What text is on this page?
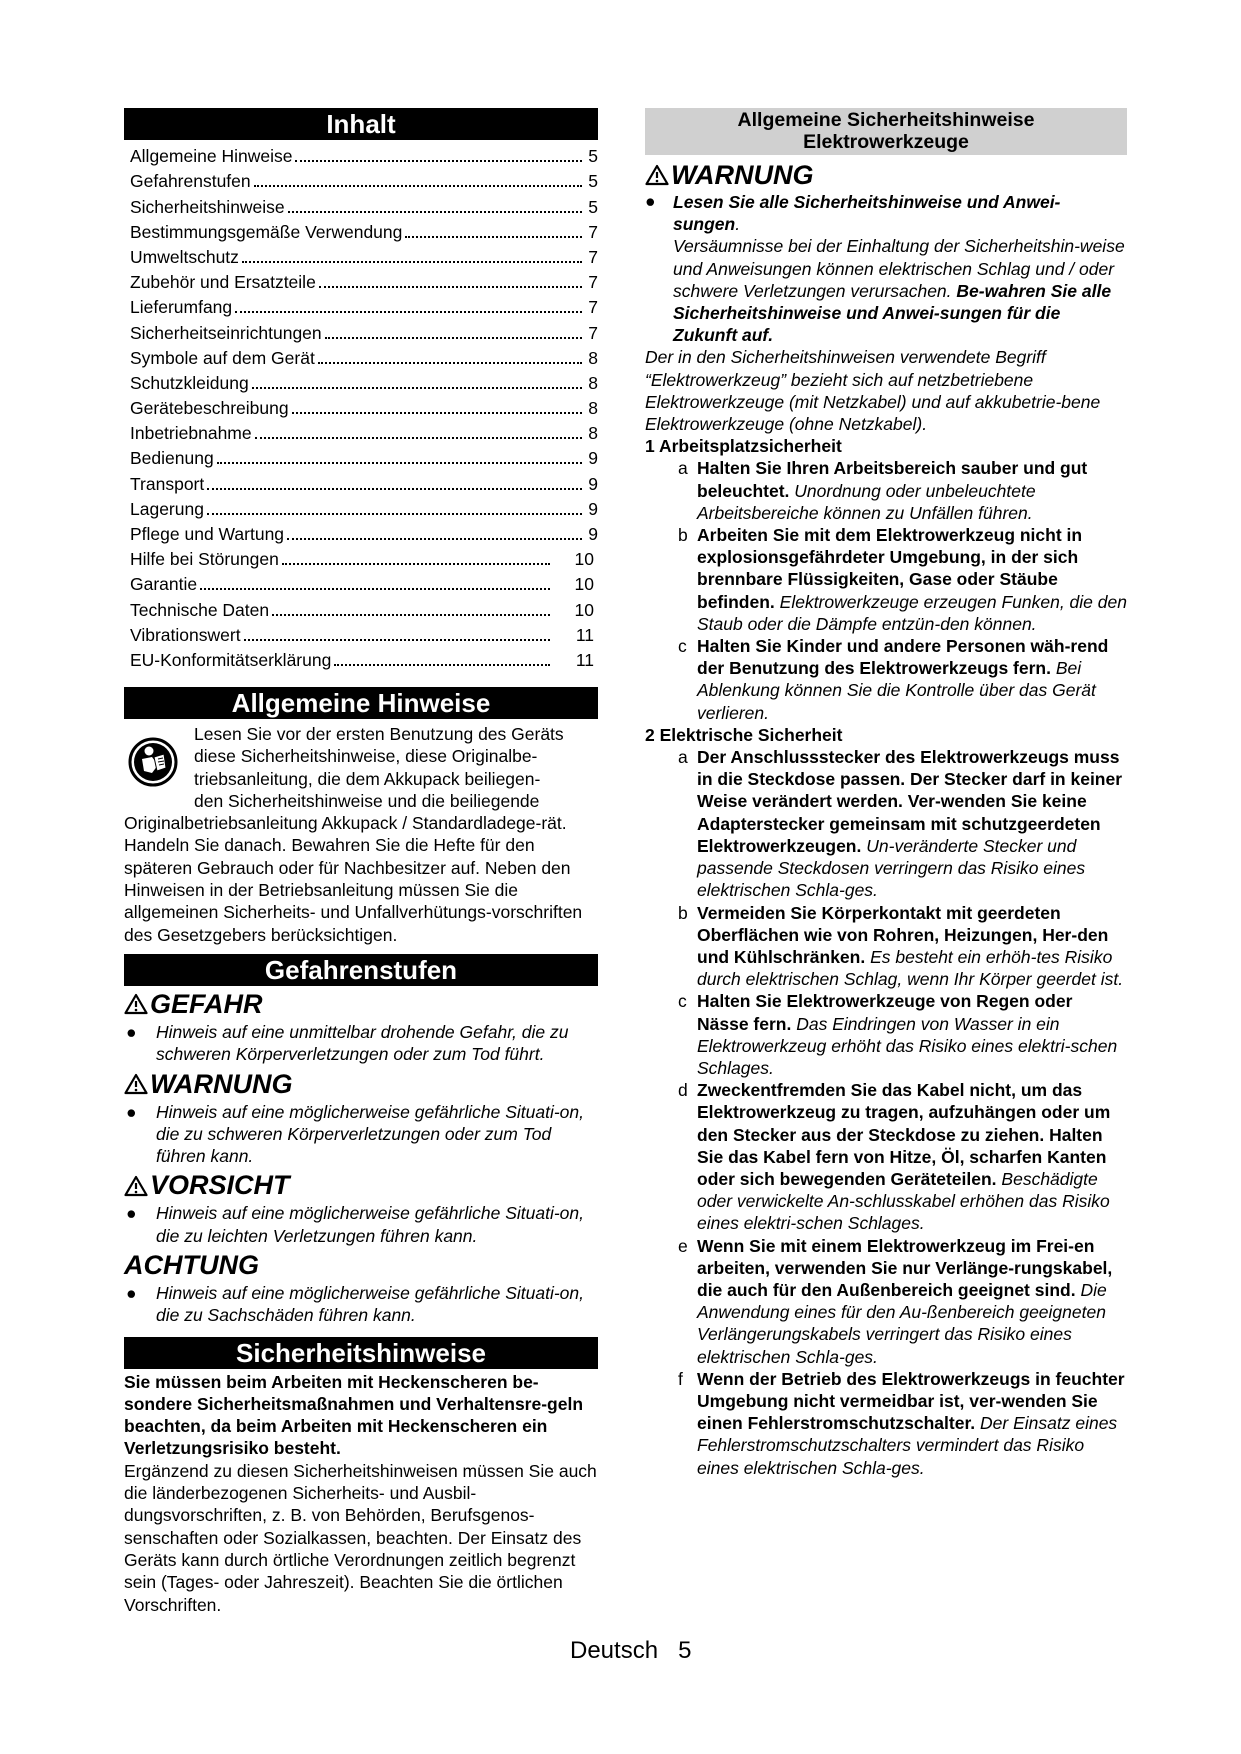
Inhalt
Allgemeine Hinweise	5
Gefahrenstufen	5
Sicherheitshinweise	5
Bestimmungsgemäße Verwendung	7
Umweltschutz	7
Zubehör und Ersatzteile	7
Lieferumfang	7
Sicherheitseinrichtungen	7
Symbole auf dem Gerät	8
Schutzkleidung	8
Gerätebeschreibung	8
Inbetriebnahme	8
Bedienung	9
Transport	9
Lagerung	9
Pflege und Wartung	9
Hilfe bei Störungen	10
Garantie	10
Technische Daten	10
Vibrationswert	11
EU-Konformitätserklärung	11
Allgemeine Hinweise

Lesen Sie vor der ersten Benutzung des Geräts

diese Sicherheitshinweise, diese Originalbe-

triebsanleitung, die dem Akkupack beiliegen-

den Sicherheitshinweise und die beiliegende

Originalbetriebsanleitung Akkupack / Standardladege-rät. Handeln Sie danach. Bewahren Sie die Hefte für den späteren Gebrauch oder für Nachbesitzer auf. Neben den Hinweisen in der Betriebsanleitung müssen Sie die allgemeinen Sicherheits- und Unfallverhütungs-vorschriften des Gesetzgebers berücksichtigen.

Gefahrenstufen
GEFAHR

●	Hinweis auf eine unmittelbar drohende Gefahr, die zu schweren Körperverletzungen oder zum Tod führt.

WARNUNG

●	Hinweis auf eine möglicherweise gefährliche Situati-on, die zu schweren Körperverletzungen oder zum Tod führen kann.

VORSICHT

●	Hinweis auf eine möglicherweise gefährliche Situati-on, die zu leichten Verletzungen führen kann.

ACHTUNG

●	Hinweis auf eine möglicherweise gefährliche Situati-on, die zu Sachschäden führen kann.

Sicherheitshinweise

Sie müssen beim Arbeiten mit Heckenscheren be-sondere Sicherheitsmaßnahmen und Verhaltensre-geln beachten, da beim Arbeiten mit Heckenscheren ein Verletzungsrisiko besteht.

Ergänzend zu diesen Sicherheitshinweisen müssen Sie auch die länderbezogenen Sicherheits- und Ausbil-dungsvorschriften, z. B. von Behörden, Berufsgenos-senschaften oder Sozialkassen, beachten. Der Einsatz des Geräts kann durch örtliche Verordnungen zeitlich begrenzt sein (Tages- oder Jahreszeit). Beachten Sie die örtlichen Vorschriften.

Allgemeine Sicherheitshinweise
Elektrowerkzeuge
WARNUNG
● Lesen Sie alle Sicherheitshinweise und Anwei-sungen.
Versäumnisse bei der Einhaltung der Sicherheitshin-weise und Anweisungen können elektrischen Schlag und / oder schwere Verletzungen verursachen. Be-wahren Sie alle Sicherheitshinweise und Anwei-sungen für die Zukunft auf.

Der in den Sicherheitshinweisen verwendete Begriff “Elektrowerkzeug” bezieht sich auf netzbetriebene Elektrowerkzeuge (mit Netzkabel) und auf akkubetrie-bene Elektrowerkzeuge (ohne Netzkabel).

1 Arbeitsplatzsicherheit

a Halten Sie Ihren Arbeitsbereich sauber und gut beleuchtet. Unordnung oder unbeleuchtete Arbeitsbereiche können zu Unfällen führen.

b Arbeiten Sie mit dem Elektrowerkzeug nicht in explosionsgefährdeter Umgebung, in der sich brennbare Flüssigkeiten, Gase oder Stäube befinden. Elektrowerkzeuge erzeugen Funken, die den Staub oder die Dämpfe entzün-den können.

c Halten Sie Kinder und andere Personen wäh-rend der Benutzung des Elektrowerkzeugs fern. Bei Ablenkung können Sie die Kontrolle über das Gerät verlieren.

2 Elektrische Sicherheit

a Der Anschlussstecker des Elektrowerkzeugs muss in die Steckdose passen. Der Stecker darf in keiner Weise verändert werden. Ver-wenden Sie keine Adapterstecker gemeinsam mit schutzgeerdeten Elektrowerkzeugen. Un-veränderte Stecker und passende Steckdosen verringern das Risiko eines elektrischen Schla-ges.

b Vermeiden Sie Körperkontakt mit geerdeten Oberflächen wie von Rohren, Heizungen, Her-den und Kühlschränken. Es besteht ein erhöh-tes Risiko durch elektrischen Schlag, wenn Ihr Körper geerdet ist.

c Halten Sie Elektrowerkzeuge von Regen oder Nässe fern. Das Eindringen von Wasser in ein Elektrowerkzeug erhöht das Risiko eines elektri-schen Schlages.

d Zweckentfremden Sie das Kabel nicht, um das Elektrowerkzeug zu tragen, aufzuhängen oder um den Stecker aus der Steckdose zu ziehen. Halten Sie das Kabel fern von Hitze, Öl, scharfen Kanten oder sich bewegenden Geräteteilen. Beschädigte oder verwickelte An-schlusskabel erhöhen das Risiko eines elektri-schen Schlages.

e Wenn Sie mit einem Elektrowerkzeug im Frei-en arbeiten, verwenden Sie nur Verlänge-rungskabel, die auch für den Außenbereich geeignet sind. Die Anwendung eines für den Au-ßenbereich geeigneten Verlängerungskabels verringert das Risiko eines elektrischen Schla-ges.

f Wenn der Betrieb des Elektrowerkzeugs in feuchter Umgebung nicht vermeidbar ist, ver-wenden Sie einen Fehlerstromschutzschalter. Der Einsatz eines Fehlerstromschutzschalters vermindert das Risiko eines elektrischen Schla-ges.

Deutsch 5
